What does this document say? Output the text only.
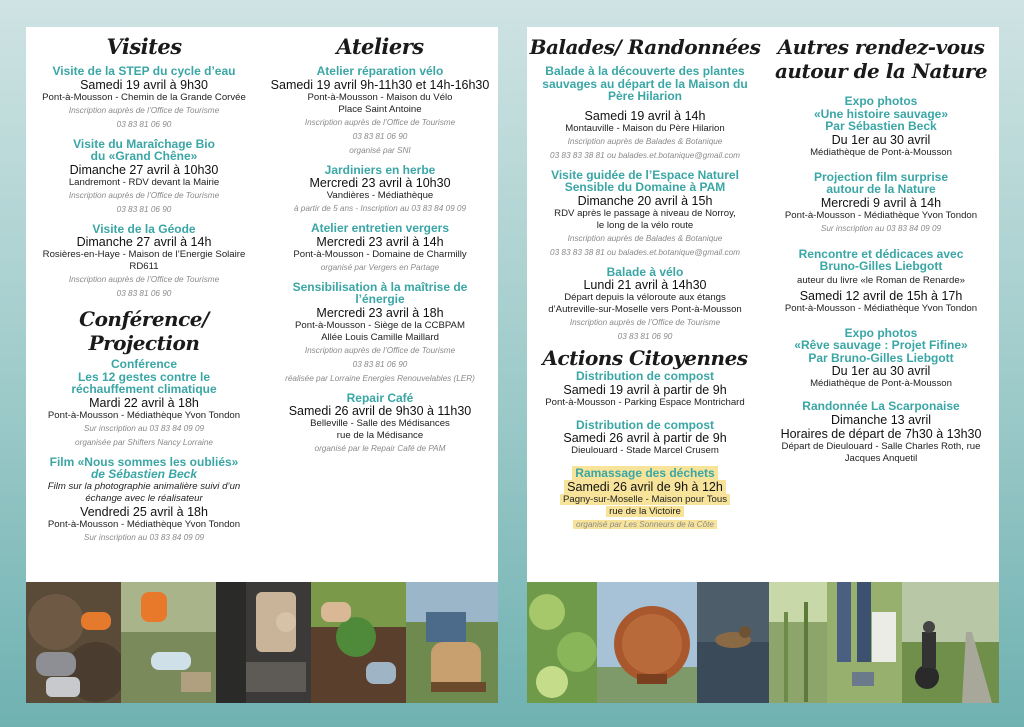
Visites
Visite de la STEP du cycle d’eau
Samedi 19 avril à 9h30
Pont-à-Mousson - Chemin de la Grande Corvée
Inscription auprès de l’Office de Tourisme
03 83 81 06 90
Visite du Maraîchage Bio
du «Grand Chêne»
Dimanche 27 avril à 10h30
Landremont - RDV devant la Mairie
Inscription auprès de l’Office de Tourisme
03 83 81 06 90
Visite de la Géode
Dimanche 27 avril à 14h
Rosières-en-Haye - Maison de l’Energie Solaire
RD611
Inscription auprès de l’Office de Tourisme
03 83 81 06 90
Conférence/ Projection
Conférence
Les 12 gestes contre le
réchauffement climatique
Mardi 22 avril à 18h
Pont-à-Mousson - Médiathèque Yvon Tondon
Sur inscription au 03 83 84 09 09
organisée par Shifters Nancy Lorraine
Film «Nous sommes les oubliés»
de Sébastien Beck
Film sur la photographie animalière suivi d’un
échange avec le réalisateur
Vendredi 25 avril à 18h
Pont-à-Mousson - Médiathèque Yvon Tondon
Sur inscription au 03 83 84 09 09
Ateliers
Atelier réparation vélo
Samedi 19 avril 9h-11h30 et 14h-16h30
Pont-à-Mousson - Maison du Vélo
Place Saint Antoine
Inscription auprès de l’Office de Tourisme
03 83 81 06 90
organisé par SNI
Jardiniers en herbe
Mercredi 23 avril à 10h30
Vandières - Médiathèque
à partir de 5 ans - Inscription au 03 83 84 09 09
Atelier entretien vergers
Mercredi 23 avril à 14h
Pont-à-Mousson - Domaine de Charmilly
organisé par Vergers en Partage
Sensibilisation à la maîtrise de
l’énergie
Mercredi 23 avril à 18h
Pont-à-Mousson - Siège de la CCBPAM
Allée Louis Camille Maillard
Inscription auprès de l’Office de Tourisme
03 83 81 06 90
réalisée par Lorraine Energies Renouvelables (LER)
Repair Café
Samedi 26 avril de 9h30 à 11h30
Belleville - Salle des Médisances
rue de la Médisance
organisé par le Repair Café de PAM
Balades/ Randonnées
Balade à la découverte des plantes
sauvages au départ de la Maison du
Père Hilarion
Samedi 19 avril à 14h
Montauville - Maison du Père Hilarion
Inscription auprès de Balades & Botanique
03 83 83 38 81 ou balades.et.botanique@gmail.com
Visite guidée de l’Espace Naturel
Sensible du Domaine à PAM
Dimanche 20 avril à 15h
RDV après le passage à niveau de Norroy,
le long de la vélo route
Inscription auprès de Balades & Botanique
03 83 83 38 81 ou balades.et.botanique@gmail.com
Balade à vélo
Lundi 21 avril à 14h30
Départ depuis la véloroute aux étangs
d’Autreville-sur-Moselle vers Pont-à-Mousson
Inscription auprès de l’Office de Tourisme
03 83 81 06 90
Actions Citoyennes
Distribution de compost
Samedi 19 avril à partir de 9h
Pont-à-Mousson - Parking Espace Montrichard
Distribution de compost
Samedi 26 avril à partir de 9h
Dieulouard - Stade Marcel Crusem
Ramassage des déchets
Samedi 26 avril de 9h à 12h
Pagny-sur-Moselle - Maison pour Tous
rue de la Victoire
organisé par Les Sonneurs de la Côte
Autres rendez-vous
autour de la Nature
Expo photos
«Une histoire sauvage»
Par Sébastien Beck
Du 1er au 30 avril
Médiathèque de Pont-à-Mousson
Projection film surprise
autour de la Nature
Mercredi 9 avril à 14h
Pont-à-Mousson - Médiathèque Yvon Tondon
Sur inscription au 03 83 84 09 09
Rencontre et dédicaces avec
Bruno-Gilles Liebgott
auteur du livre «le Roman de Renarde»
Samedi 12 avril de 15h à 17h
Pont-à-Mousson - Médiathèque Yvon Tondon
Expo photos
«Rêve sauvage : Projet Fifine»
Par Bruno-Gilles Liebgott
Du 1er au 30 avril
Médiathèque de Pont-à-Mousson
Randonnée La Scarponaise
Dimanche 13 avril
Horaires de départ de 7h30 à 13h30
Départ de Dieulouard - Salle Charles Roth, rue
Jacques Anquetil
